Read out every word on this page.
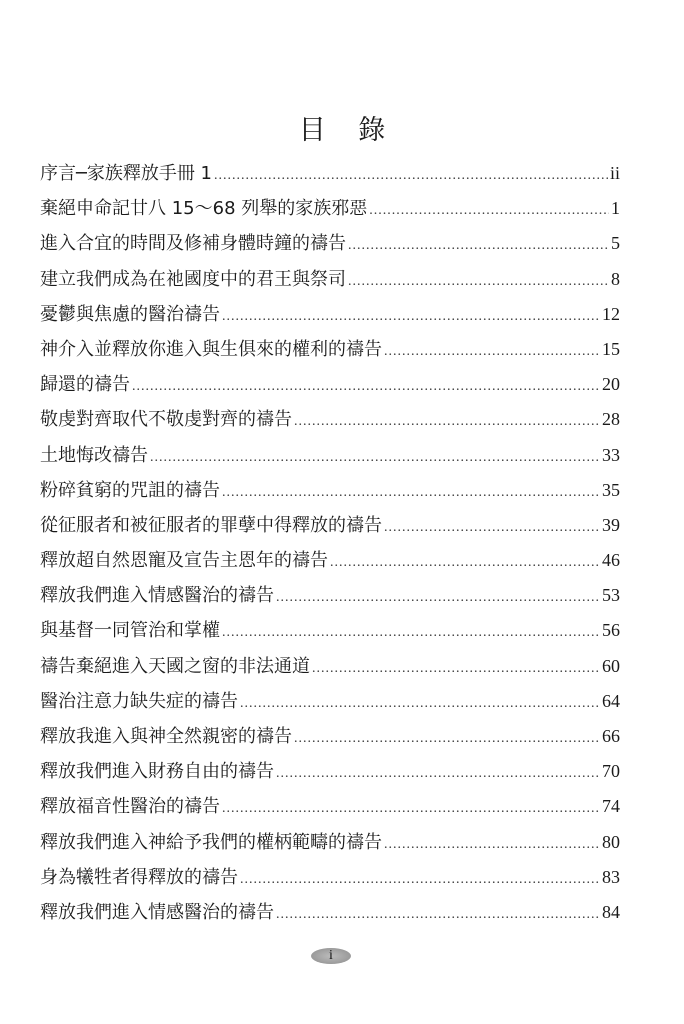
目 錄
序言─家族釋放手冊 1 .....	ii
棄絕申命記廿八 15～68 列舉的家族邪惡 .....	1
進入合宜的時間及修補身體時鐘的禱告 .....	5
建立我們成為在祂國度中的君王與祭司 .....	8
憂鬱與焦慮的醫治禱告 .....	12
神介入並釋放你進入與生俱來的權利的禱告 .....	15
歸還的禱告 .....	20
敬虔對齊取代不敬虔對齊的禱告 .....	28
土地悔改禱告 .....	33
粉碎貧窮的咒詛的禱告 .....	35
從征服者和被征服者的罪孽中得釋放的禱告 .....	39
釋放超自然恩寵及宣告主恩年的禱告 .....	46
釋放我們進入情感醫治的禱告 .....	53
與基督一同管治和掌權 .....	56
禱告棄絕進入天國之窗的非法通道 .....	60
醫治注意力缺失症的禱告 .....	64
釋放我進入與神全然親密的禱告 .....	66
釋放我們進入財務自由的禱告 .....	70
釋放福音性醫治的禱告 .....	74
釋放我們進入神給予我們的權柄範疇的禱告 .....	80
身為犧牲者得釋放的禱告 .....	83
釋放我們進入情感醫治的禱告 .....	84
i
